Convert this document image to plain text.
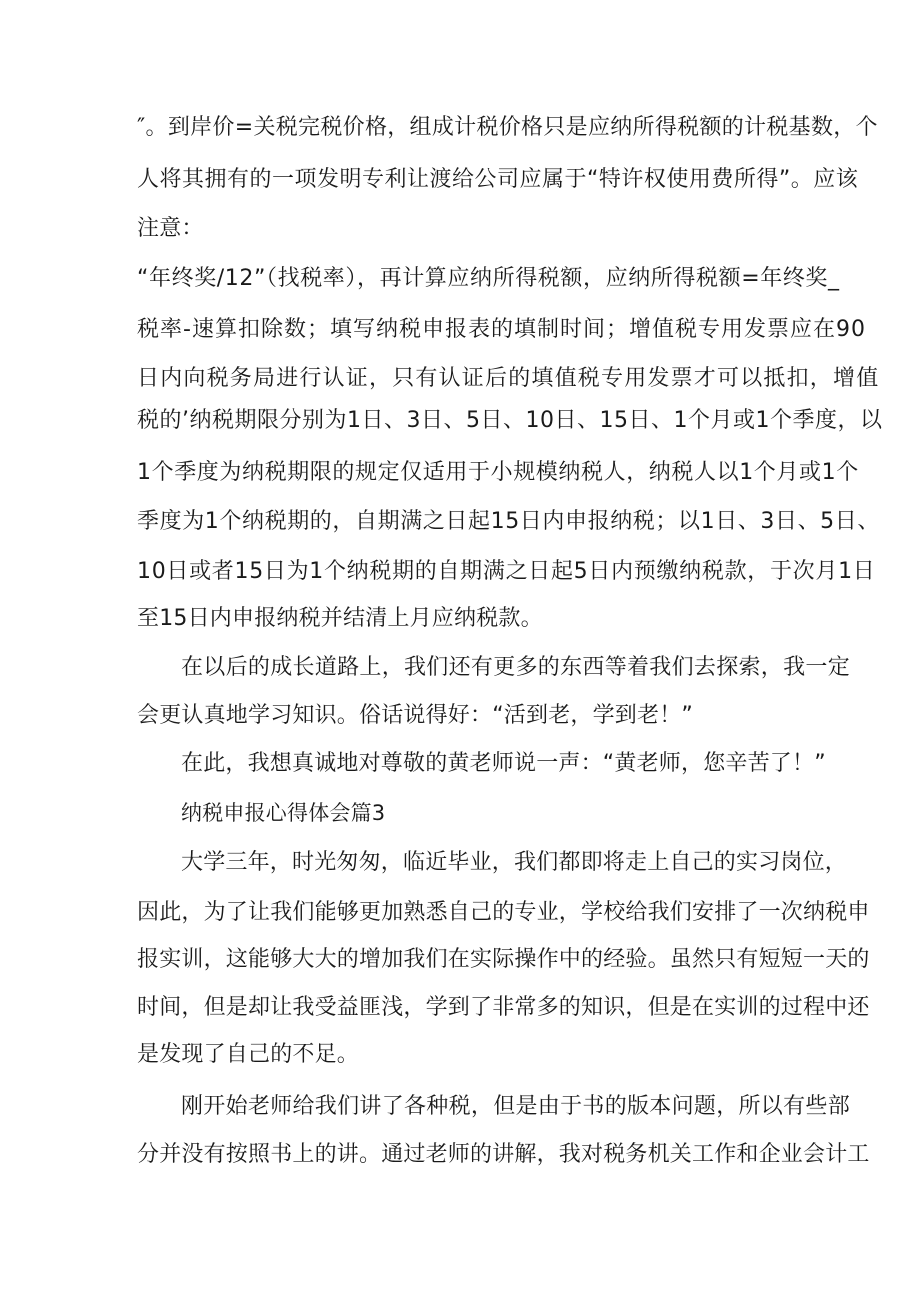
″。到岸价=关税完税价格，组成计税价格只是应纳所得税额的计税基数，个
人将其拥有的一项发明专利让渡给公司应属于“特许权使用费所得”。应该
注意：
“年终奖/12”（找税率），再计算应纳所得税额，应纳所得税额=年终奖_
税率-速算扣除数；填写纳税申报表的填制时间；增值税专用发票应在90
日内向税务局进行认证，只有认证后的填值税专用发票才可以抵扣，增值
税的’纳税期限分别为1日、3日、5日、10日、15日、1个月或1个季度，以
1个季度为纳税期限的规定仅适用于小规模纳税人，纳税人以1个月或1个
季度为1个纳税期的，自期满之日起15日内申报纳税；以1日、3日、5日、
10日或者15日为1个纳税期的自期满之日起5日内预缴纳税款，于次月1日
至15日内申报纳税并结清上月应纳税款。
在以后的成长道路上，我们还有更多的东西等着我们去探索，我一定
会更认真地学习知识。俗话说得好：“活到老，学到老！”
在此，我想真诚地对尊敬的黄老师说一声：“黄老师，您辛苦了！”
纳税申报心得体会篇3
大学三年，时光匆匆，临近毕业，我们都即将走上自己的实习岗位，
因此，为了让我们能够更加熟悉自己的专业，学校给我们安排了一次纳税申
报实训，这能够大大的增加我们在实际操作中的经验。虽然只有短短一天的
时间，但是却让我受益匪浅，学到了非常多的知识，但是在实训的过程中还
是发现了自己的不足。
刚开始老师给我们讲了各种税，但是由于书的版本问题，所以有些部
分并没有按照书上的讲。通过老师的讲解，我对税务机关工作和企业会计工
